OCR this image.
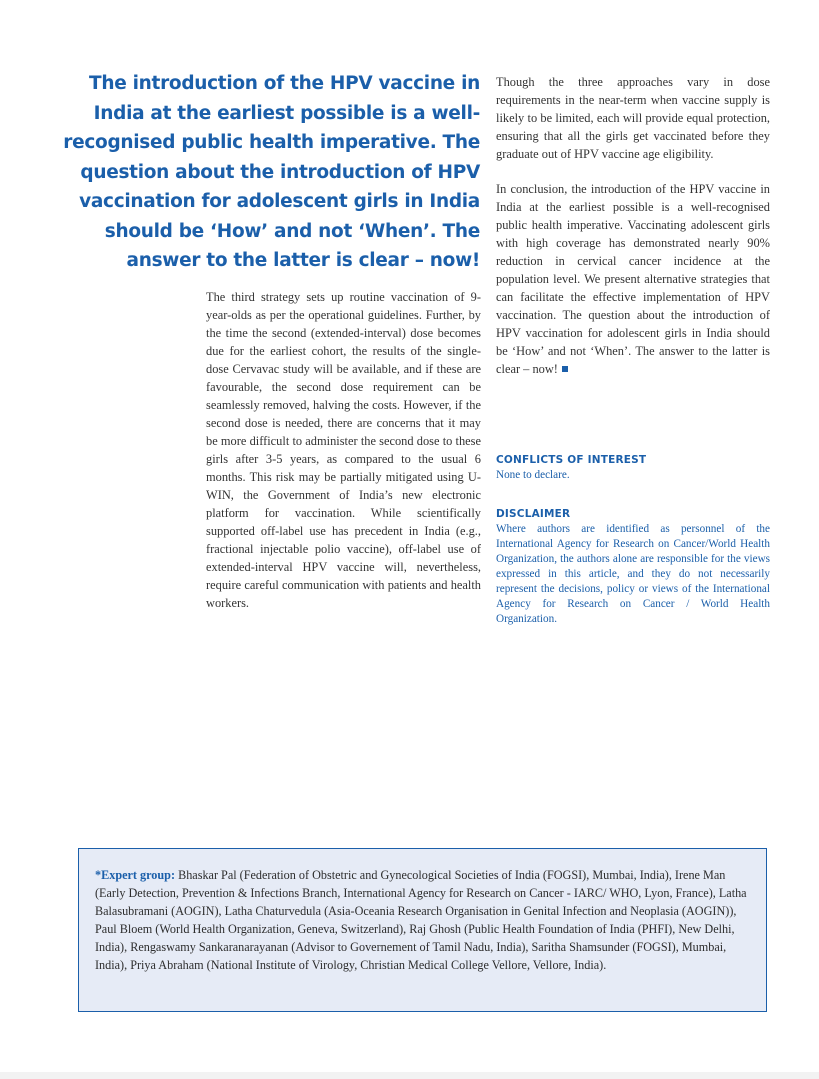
The introduction of the HPV vaccine in India at the earliest possible is a well-recognised public health imperative. The question about the introduction of HPV vaccination for adolescent girls in India should be ‘How’ and not ‘When’. The answer to the latter is clear – now!

The third strategy sets up routine vaccination of 9-year-olds as per the operational guidelines. Further, by the time the second (extended-interval) dose becomes due for the earliest cohort, the results of the single-dose Cervavac study will be available, and if these are favourable, the second dose requirement can be seamlessly removed, halving the costs. However, if the second dose is needed, there are concerns that it may be more difficult to administer the second dose to these girls after 3-5 years, as compared to the usual 6 months. This risk may be partially mitigated using U-WIN, the Government of India’s new electronic platform for vaccination. While scientifically supported off-label use has precedent in India (e.g., fractional injectable polio vaccine), off-label use of extended-interval HPV vaccine will, nevertheless, require careful communication with patients and health workers.

Though the three approaches vary in dose requirements in the near-term when vaccine supply is likely to be limited, each will provide equal protection, ensuring that all the girls get vaccinated before they graduate out of HPV vaccine age eligibility.

In conclusion, the introduction of the HPV vaccine in India at the earliest possible is a well-recognised public health imperative. Vaccinating adolescent girls with high coverage has demonstrated nearly 90% reduction in cervical cancer incidence at the population level. We present alternative strategies that can facilitate the effective implementation of HPV vaccination. The question about the introduction of HPV vaccination for adolescent girls in India should be ‘How’ and not ‘When’. The answer to the latter is clear – now!

CONFLICTS OF INTEREST

None to declare.

DISCLAIMER

Where authors are identified as personnel of the International Agency for Research on Cancer/World Health Organization, the authors alone are responsible for the views expressed in this article, and they do not necessarily represent the decisions, policy or views of the International Agency for Research on Cancer / World Health Organization.

*Expert group: Bhaskar Pal (Federation of Obstetric and Gynecological Societies of India (FOGSI), Mumbai, India), Irene Man (Early Detection, Prevention & Infections Branch, International Agency for Research on Cancer - IARC/ WHO, Lyon, France), Latha Balasubramani (AOGIN), Latha Chaturvedula (Asia-Oceania Research Organisation in Genital Infection and Neoplasia (AOGIN)), Paul Bloem (World Health Organization, Geneva, Switzerland), Raj Ghosh (Public Health Foundation of India (PHFI), New Delhi, India), Rengaswamy Sankaranarayanan (Advisor to Governement of Tamil Nadu, India), Saritha Shamsunder (FOGSI), Mumbai, India), Priya Abraham (National Institute of Virology, Christian Medical College Vellore, Vellore, India).
